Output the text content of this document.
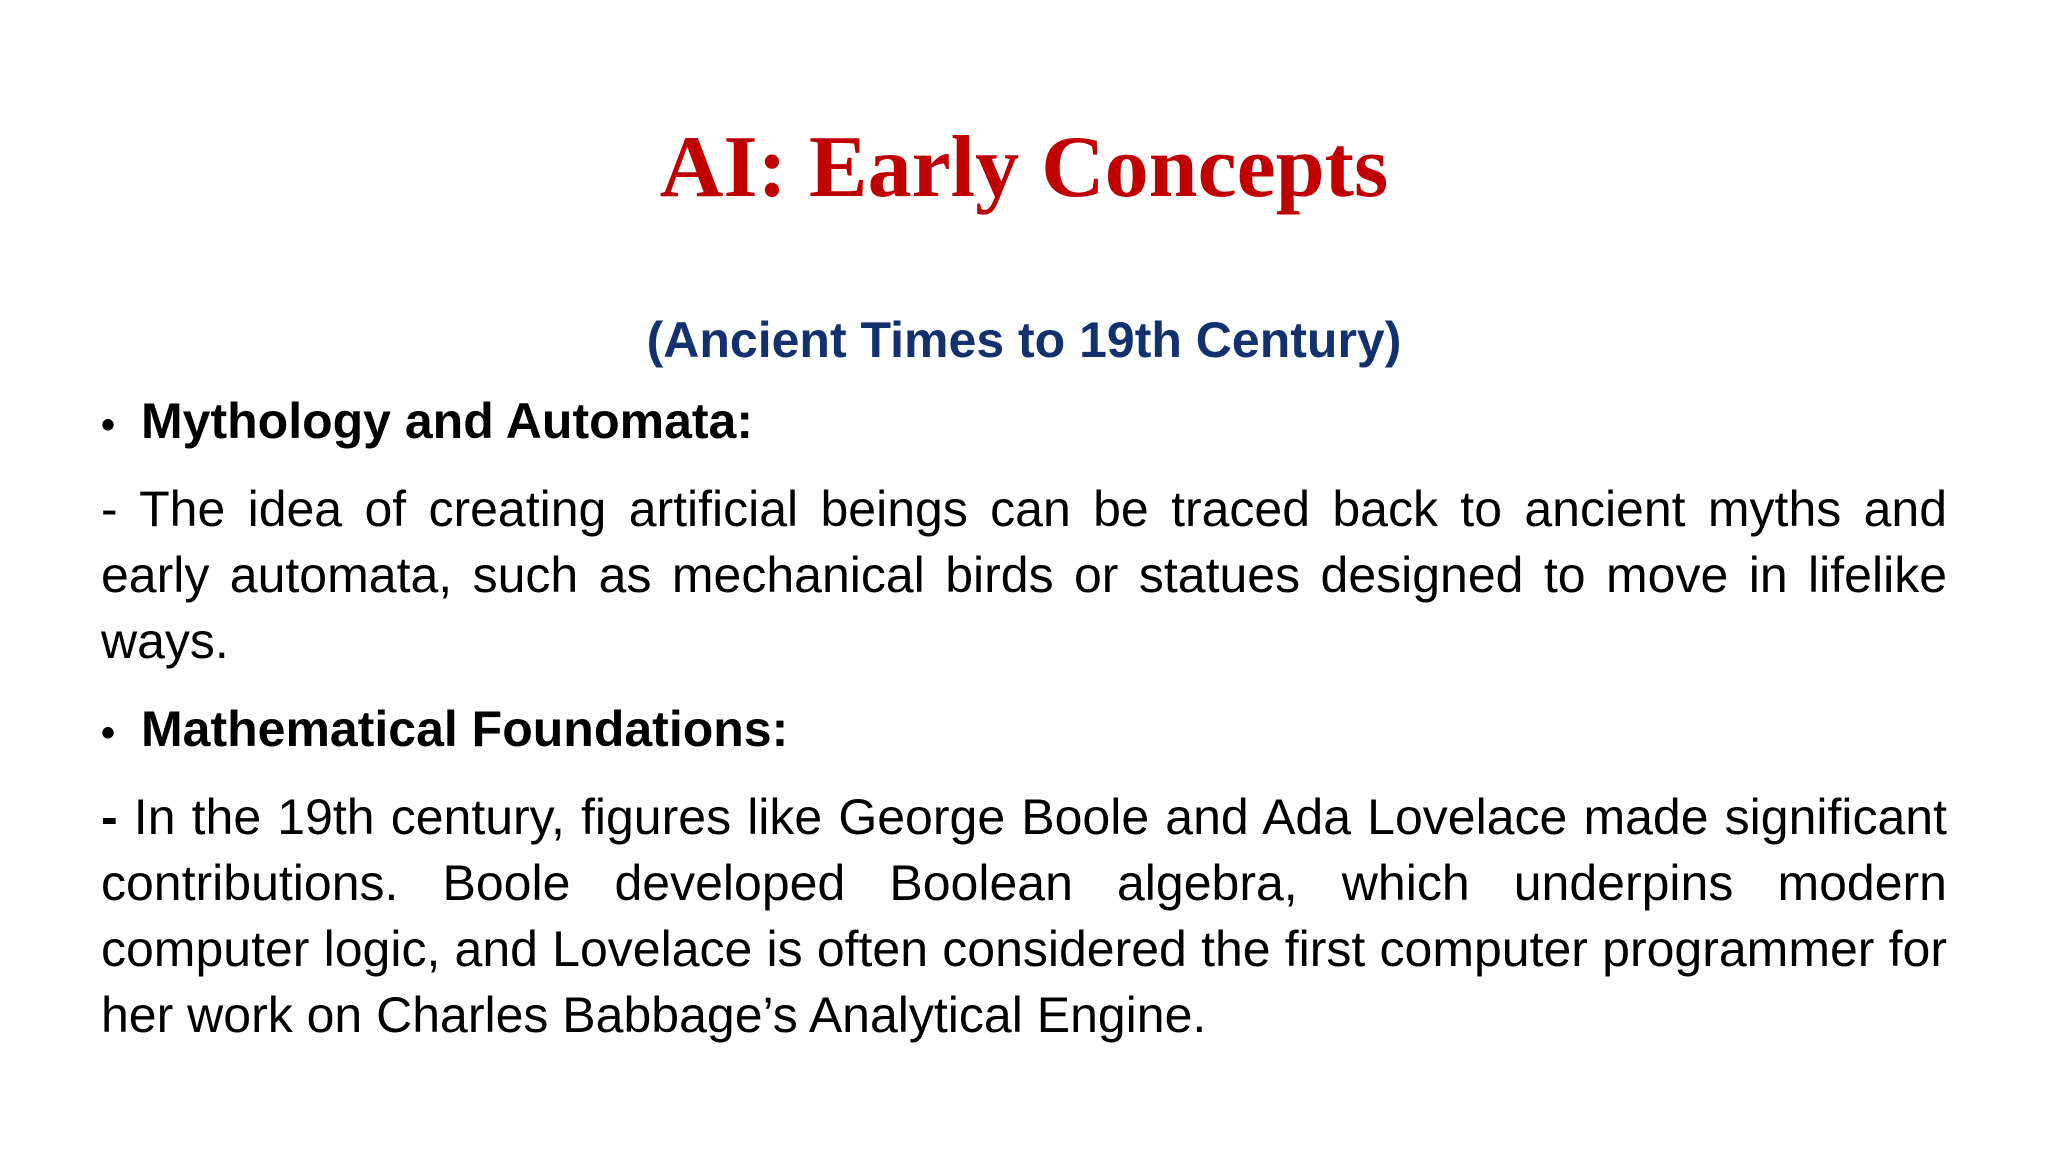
AI: Early Concepts

(Ancient Times to 19th Century)

• Mythology and Automata:

- The idea of creating artificial beings can be traced back to ancient myths and early automata, such as mechanical birds or statues designed to move in lifelike ways.

• Mathematical Foundations:

- In the 19th century, figures like George Boole and Ada Lovelace made significant contributions. Boole developed Boolean algebra, which underpins modern computer logic, and Lovelace is often considered the first computer programmer for her work on Charles Babbage’s Analytical Engine.
